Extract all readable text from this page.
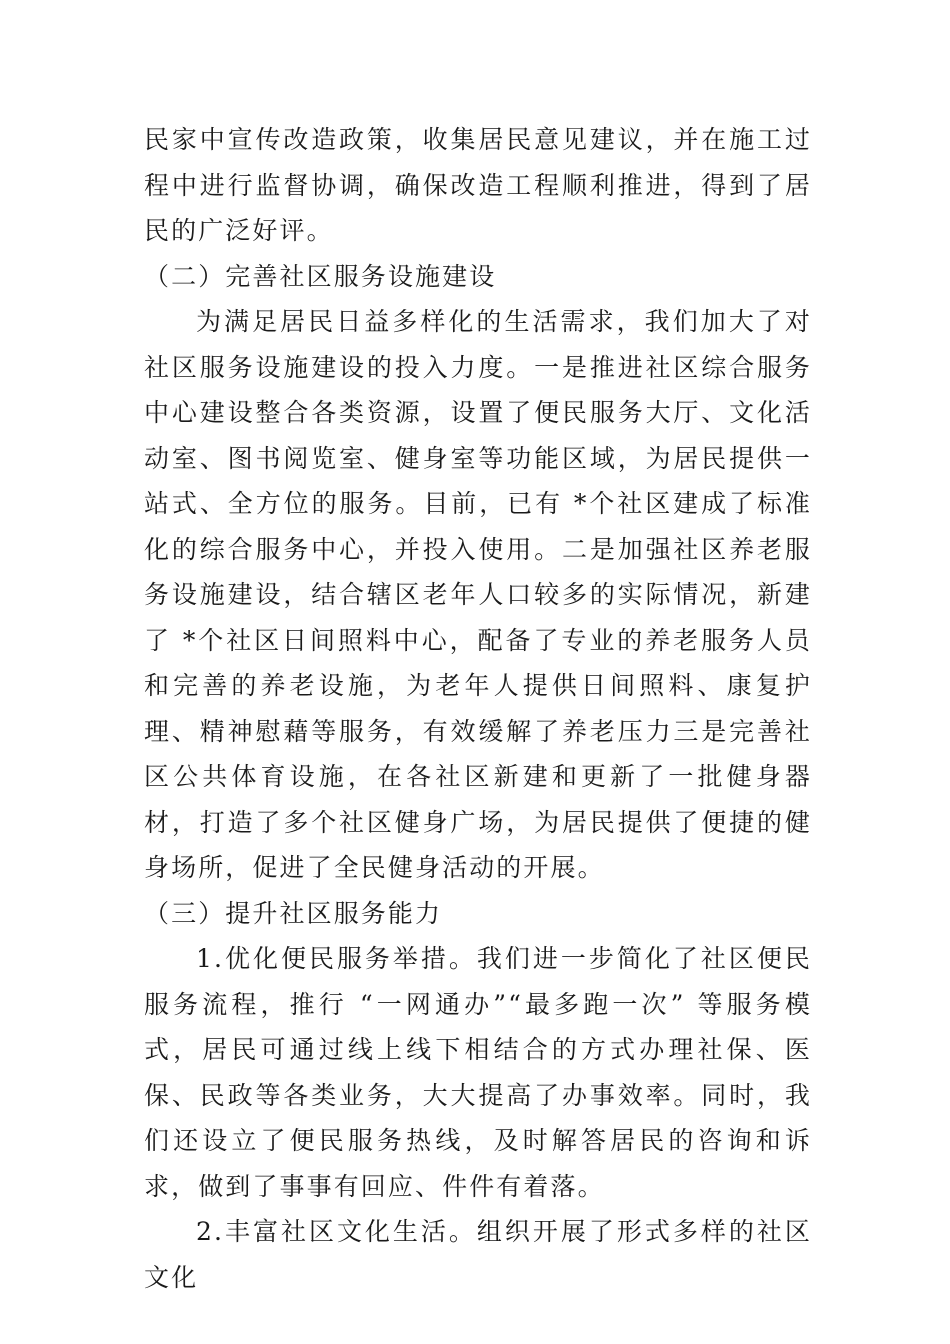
民家中宣传改造政策，收集居民意见建议，并在施工过程中进行监督协调，确保改造工程顺利推进，得到了居民的广泛好评。

（二）完善社区服务设施建设

为满足居民日益多样化的生活需求，我们加大了对社区服务设施建设的投入力度。一是推进社区综合服务中心建设整合各类资源，设置了便民服务大厅、文化活动室、图书阅览室、健身室等功能区域，为居民提供一站式、全方位的服务。目前，已有 *个社区建成了标准化的综合服务中心，并投入使用。二是加强社区养老服务设施建设，结合辖区老年人口较多的实际情况，新建了 *个社区日间照料中心，配备了专业的养老服务人员和完善的养老设施，为老年人提供日间照料、康复护理、精神慰藉等服务，有效缓解了养老压力三是完善社区公共体育设施，在各社区新建和更新了一批健身器材，打造了多个社区健身广场，为居民提供了便捷的健身场所，促进了全民健身活动的开展。

（三）提升社区服务能力

1.优化便民服务举措。我们进一步简化了社区便民服务流程，推行 “一网通办”“最多跑一次” 等服务模式，居民可通过线上线下相结合的方式办理社保、医保、民政等各类业务，大大提高了办事效率。同时，我们还设立了便民服务热线，及时解答居民的咨询和诉求，做到了事事有回应、件件有着落。

2.丰富社区文化生活。组织开展了形式多样的社区文化
